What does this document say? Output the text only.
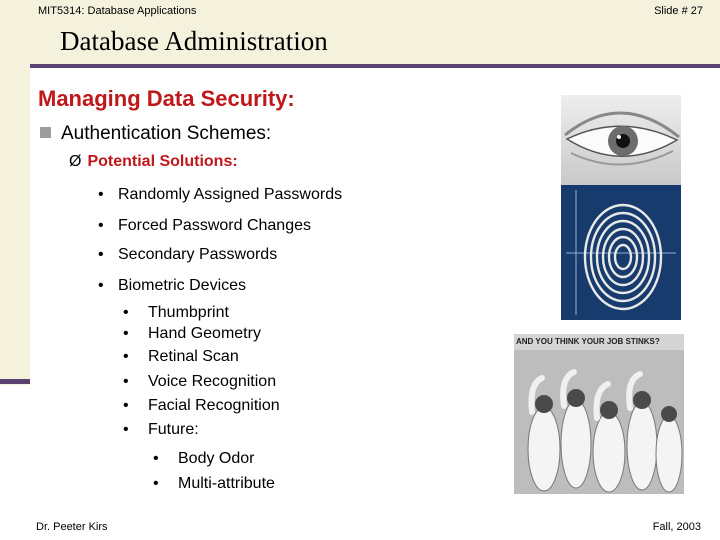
MIT5314: Database Applications	Slide # 27
Database Administration
Managing Data Security:
Authentication Schemes:
Ø Potential Solutions:
• Randomly Assigned Passwords
• Forced Password Changes
• Secondary Passwords
• Biometric Devices
• Thumbprint
• Hand Geometry
• Retinal Scan
• Voice Recognition
• Facial Recognition
• Future:
• Body Odor
• Multi-attribute
AND YOU THINK YOUR JOB STINKS?
Dr. Peeter Kirs	Fall, 2003
